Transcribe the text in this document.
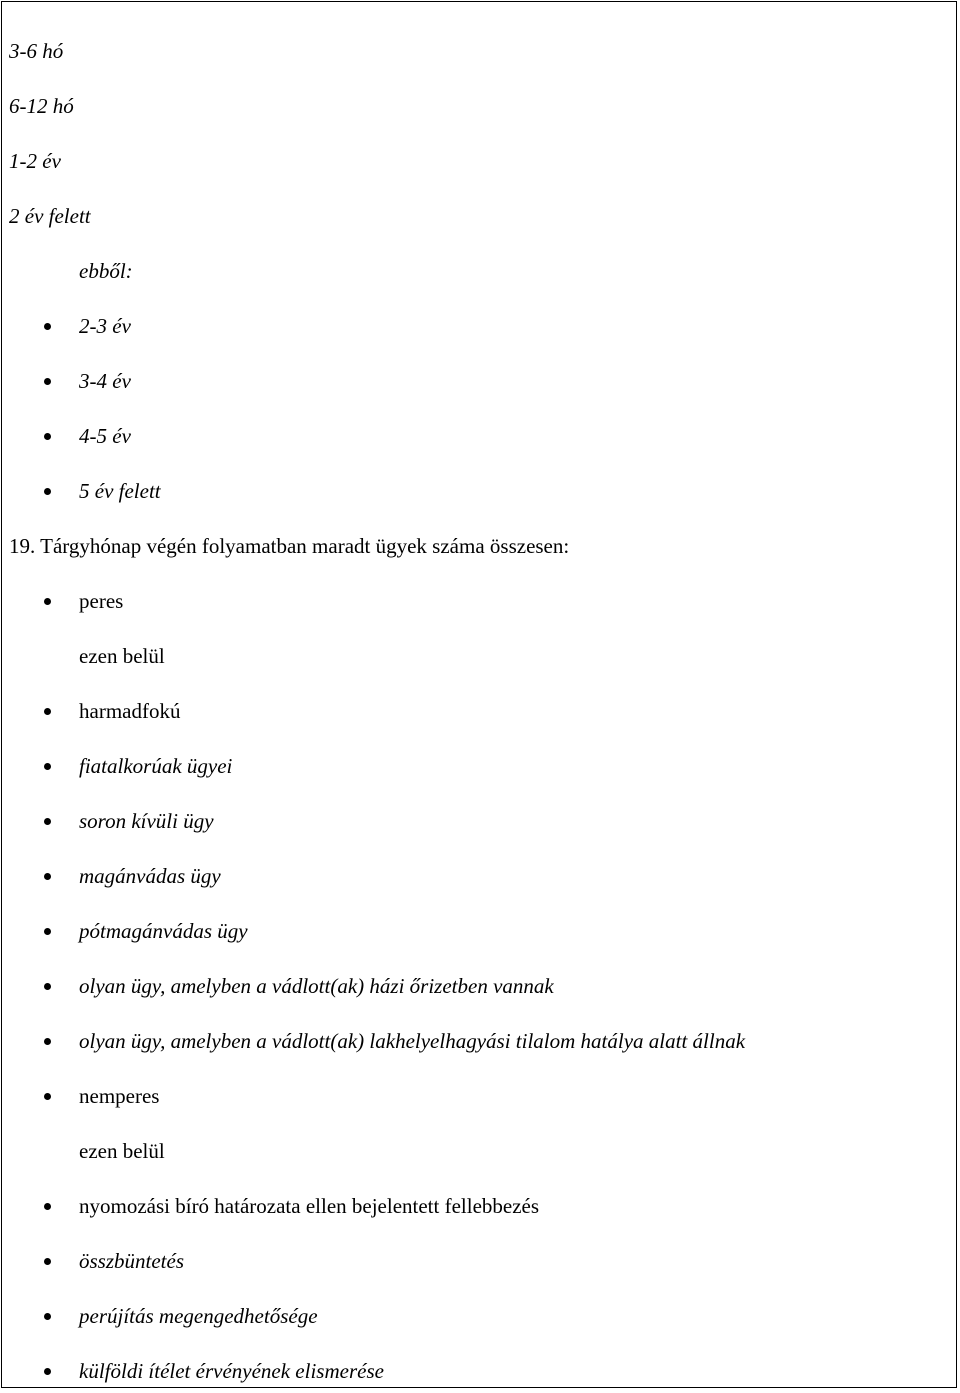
3-6 hó
6-12 hó
1-2 év
2 év felett
ebből:
2-3 év
3-4 év
4-5 év
5 év felett
19. Tárgyhónap végén folyamatban maradt ügyek száma összesen:
peres
ezen belül
harmadfokú
fiatalkorúak ügyei
soron kívüli ügy
magánvádas ügy
pótmagánvádas ügy
olyan ügy, amelyben a vádlott(ak) házi őrizetben vannak
olyan ügy, amelyben a vádlott(ak) lakhelyelhagyási tilalom hatálya alatt állnak
nemperes
ezen belül
nyomozási bíró határozata ellen bejelentett fellebbezés
összbüntetés
perújítás megengedhetősége
külföldi ítélet érvényének elismerése
